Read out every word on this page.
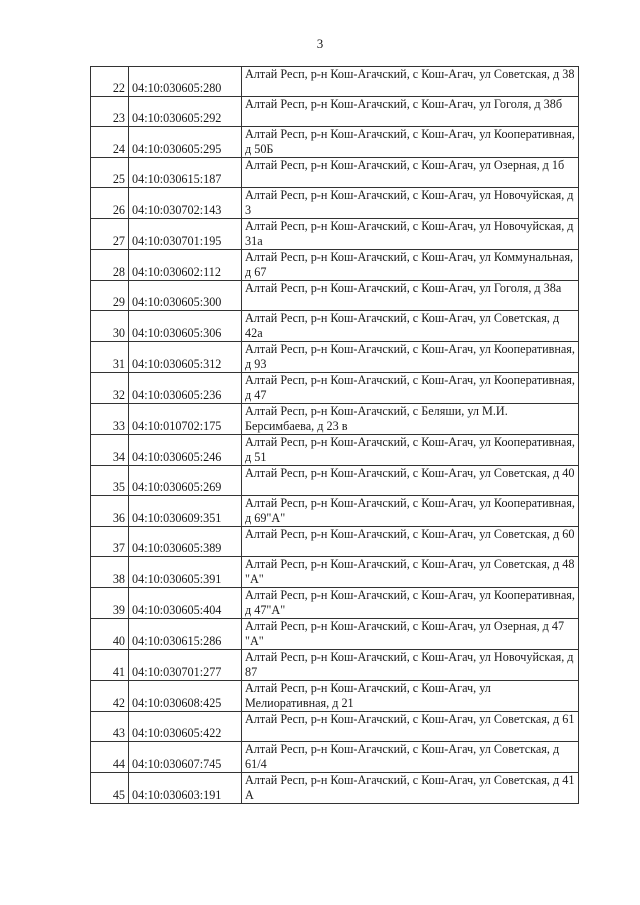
3
22	04:10:030605:280	Алтай Респ, р-н Кош-Агачский, с Кош-Агач, ул Советская, д 38
23	04:10:030605:292	Алтай Респ, р-н Кош-Агачский, с Кош-Агач, ул Гоголя, д 38б
24	04:10:030605:295	Алтай Респ, р-н Кош-Агачский, с Кош-Агач, ул Кооперативная, д 50Б
25	04:10:030615:187	Алтай Респ, р-н Кош-Агачский, с Кош-Агач, ул Озерная, д 1б
26	04:10:030702:143	Алтай Респ, р-н Кош-Агачский, с Кош-Агач, ул Новочуйская, д 3
27	04:10:030701:195	Алтай Респ, р-н Кош-Агачский, с Кош-Агач, ул Новочуйская, д 31а
28	04:10:030602:112	Алтай Респ, р-н Кош-Агачский, с Кош-Агач, ул Коммунальная, д 67
29	04:10:030605:300	Алтай Респ, р-н Кош-Агачский, с Кош-Агач, ул Гоголя, д 38а
30	04:10:030605:306	Алтай Респ, р-н Кош-Агачский, с Кош-Агач, ул Советская, д 42а
31	04:10:030605:312	Алтай Респ, р-н Кош-Агачский, с Кош-Агач, ул Кооперативная, д 93
32	04:10:030605:236	Алтай Респ, р-н Кош-Агачский, с Кош-Агач, ул Кооперативная, д 47
33	04:10:010702:175	Алтай Респ, р-н Кош-Агачский, с Беляши, ул М.И. Берсимбаева, д 23 в
34	04:10:030605:246	Алтай Респ, р-н Кош-Агачский, с Кош-Агач, ул Кооперативная, д 51
35	04:10:030605:269	Алтай Респ, р-н Кош-Агачский, с Кош-Агач, ул Советская, д 40
36	04:10:030609:351	Алтай Респ, р-н Кош-Агачский, с Кош-Агач, ул Кооперативная, д 69"А"
37	04:10:030605:389	Алтай Респ, р-н Кош-Агачский, с Кош-Агач, ул Советская, д 60
38	04:10:030605:391	Алтай Респ, р-н Кош-Агачский, с Кош-Агач, ул Советская, д 48 "А"
39	04:10:030605:404	Алтай Респ, р-н Кош-Агачский, с Кош-Агач, ул Кооперативная, д 47"А"
40	04:10:030615:286	Алтай Респ, р-н Кош-Агачский, с Кош-Агач, ул Озерная, д 47 "А"
41	04:10:030701:277	Алтай Респ, р-н Кош-Агачский, с Кош-Агач, ул Новочуйская, д 87
42	04:10:030608:425	Алтай Респ, р-н Кош-Агачский, с Кош-Агач, ул Мелиоративная, д 21
43	04:10:030605:422	Алтай Респ, р-н Кош-Агачский, с Кош-Агач, ул Советская, д 61
44	04:10:030607:745	Алтай Респ, р-н Кош-Агачский, с Кош-Агач, ул Советская, д 61/4
45	04:10:030603:191	Алтай Респ, р-н Кош-Агачский, с Кош-Агач, ул Советская, д 41 А
